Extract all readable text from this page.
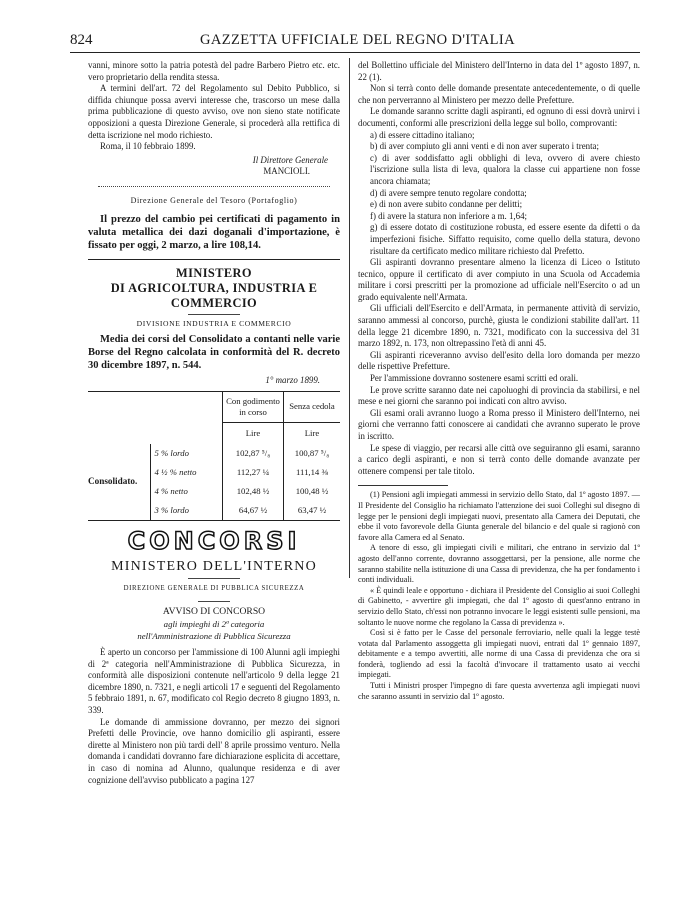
824	GAZZETTA UFFICIALE DEL REGNO D'ITALIA

vanni, minore sotto la patria potestà del padre Barbero Pietro etc. etc. vero proprietario della rendita stessa.

A termini dell'art. 72 del Regolamento sul Debito Pubblico, si diffida chiunque possa avervi interesse che, trascorso un mese dalla prima pubblicazione di questo avviso, ove non sieno state notificate opposizioni a questa Direzione Generale, si procederà alla rettifica di detta iscrizione nel modo richiesto.

Roma, il 10 febbraio 1899.

Il Direttore Generale

MANCIOLI.

Direzione Generale del Tesoro (Portafoglio)

Il prezzo del cambio pei certificati di pagamento in valuta metallica dei dazi doganali d'importazione, è fissato per oggi, 2 marzo, a lire 108,14.

MINISTERO

DI AGRICOLTURA, INDUSTRIA E COMMERCIO

DIVISIONE INDUSTRIA E COMMERCIO

Media dei corsi del Consolidato a contanti nelle varie Borse del Regno calcolata in conformità del R. decreto 30 dicembre 1897, n. 544.

1° marzo 1899.

		Con godimento in corso	Senza cedola
		Lire	Lire
Consolidato.	5 % lordo	102,87 ⁵/₈	100,87 ⁵/₈
	4 ½ % netto	112,27 ¼	111,14 ⅜
	4 % netto	102,48 ½	100,48 ½
	3 % lordo	64,67 ½	63,47 ½

CONCORSI

MINISTERO DELL'INTERNO

DIREZIONE GENERALE DI PUBBLICA SICUREZZA

AVVISO DI CONCORSO

agli impieghi di 2ª categoria

nell'Amministrazione di Pubblica Sicurezza

È aperto un concorso per l'ammissione di 100 Alunni agli impieghi di 2ª categoria nell'Amministrazione di Pubblica Sicurezza, in conformità alle disposizioni contenute nell'articolo 9 della legge 21 dicembre 1890, n. 7321, e negli articoli 17 e seguenti del Regolamento 5 febbraio 1891, n. 67, modificato col Regio decreto 8 giugno 1893, n. 339.

Le domande di ammissione dovranno, per mezzo dei signori Prefetti delle Provincie, ove hanno domicilio gli aspiranti, essere dirette al Ministero non più tardi dell' 8 aprile prossimo venturo. Nella domanda i candidati dovranno fare dichiarazione esplicita di accettare, in caso di nomina ad Alunno, qualunque residenza e di aver cognizione dell'avviso pubblicato a pagina 127

del Bollettino ufficiale del Ministero dell'Interno in data del 1º agosto 1897, n. 22 (1).

Non si terrà conto delle domande presentate antecedentemente, o di quelle che non perverranno al Ministero per mezzo delle Prefetture.

Le domande saranno scritte dagli aspiranti, ed ognuno di essi dovrà unirvi i documenti, conformi alle prescrizioni della legge sul bollo, comprovanti:

a) di essere cittadino italiano;

b) di aver compiuto gli anni venti e di non aver superato i trenta;

c) di aver soddisfatto agli obblighi di leva, ovvero di avere chiesto l'iscrizione sulla lista di leva, qualora la classe cui appartiene non fosse ancora chiamata;

d) di avere sempre tenuto regolare condotta;

e) di non avere subito condanne per delitti;

f) di avere la statura non inferiore a m. 1,64;

g) di essere dotato di costituzione robusta, ed essere esente da difetti o da imperfezioni fisiche. Siffatto requisito, come quello della statura, devono risultare da certificato medico militare richiesto dal Prefetto.

Gli aspiranti dovranno presentare almeno la licenza di Liceo o Istituto tecnico, oppure il certificato di aver compiuto in una Scuola od Accademia militare i corsi prescritti per la promozione ad ufficiale nell'Esercito o ad un grado equivalente nell'Armata.

Gli ufficiali dell'Esercito e dell'Armata, in permanente attività di servizio, saranno ammessi al concorso, purchè, giusta le condizioni stabilite dall'art. 11 della legge 21 dicembre 1890, n. 7321, modificato con la successiva del 31 marzo 1892, n. 173, non oltrepassino l'età di anni 45.

Gli aspiranti riceveranno avviso dell'esito della loro domanda per mezzo delle rispettive Prefetture.

Per l'ammissione dovranno sostenere esami scritti ed orali.

Le prove scritte saranno date nei capoluoghi di provincia da stabilirsi, e nel mese e nei giorni che saranno poi indicati con altro avviso.

Gli esami orali avranno luogo a Roma presso il Ministero dell'Interno, nei giorni che verranno fatti conoscere ai candidati che avranno superato le prove in iscritto.

Le spese di viaggio, per recarsi alle città ove seguiranno gli esami, saranno a carico degli aspiranti, e non si terrà conto delle domande avanzate per ottenere compensi per tale titolo.

(1) Pensioni agli impiegati ammessi in servizio dello Stato, dal 1º agosto 1897. — Il Presidente del Consiglio ha richiamato l'attenzione dei suoi Colleghi sul disegno di legge per le pensioni degli impiegati nuovi, presentato alla Camera dei Deputati, che ebbe il voto favorevole della Giunta generale del bilancio e del quale si ragionò con favore alla Camera ed al Senato.

A tenore di esso, gli impiegati civili e militari, che entrano in servizio dal 1º agosto dell'anno corrente, dovranno assoggettarsi, per la pensione, alle norme che saranno stabilite nella istituzione di una Cassa di previdenza, che ha per fondamento i conti individuali.

« È quindi leale e opportuno - dichiara il Presidente del Consiglio ai suoi Colleghi di Gabinetto, - avvertire gli impiegati, che dal 1º agosto di quest'anno entrano in servizio dello Stato, ch'essi non potranno invocare le leggi esistenti sulle pensioni, ma soltanto le nuove norme che regolano la Cassa di previdenza ».

Così si è fatto per le Casse del personale ferroviario, nelle quali la legge testè votata dal Parlamento assoggetta gli impiegati nuovi, entrati dal 1º gennaio 1897, debitamente e a tempo avvertiti, alle norme di una Cassa di previdenza che ora si fonderà, togliendo ad essi la facoltà d'invocare il trattamento usato ai vecchi impiegati.

Tutti i Ministri prosper l'impegno di fare questa avvertenza agli impiegati nuovi che saranno assunti in servizio dal 1º agosto.
